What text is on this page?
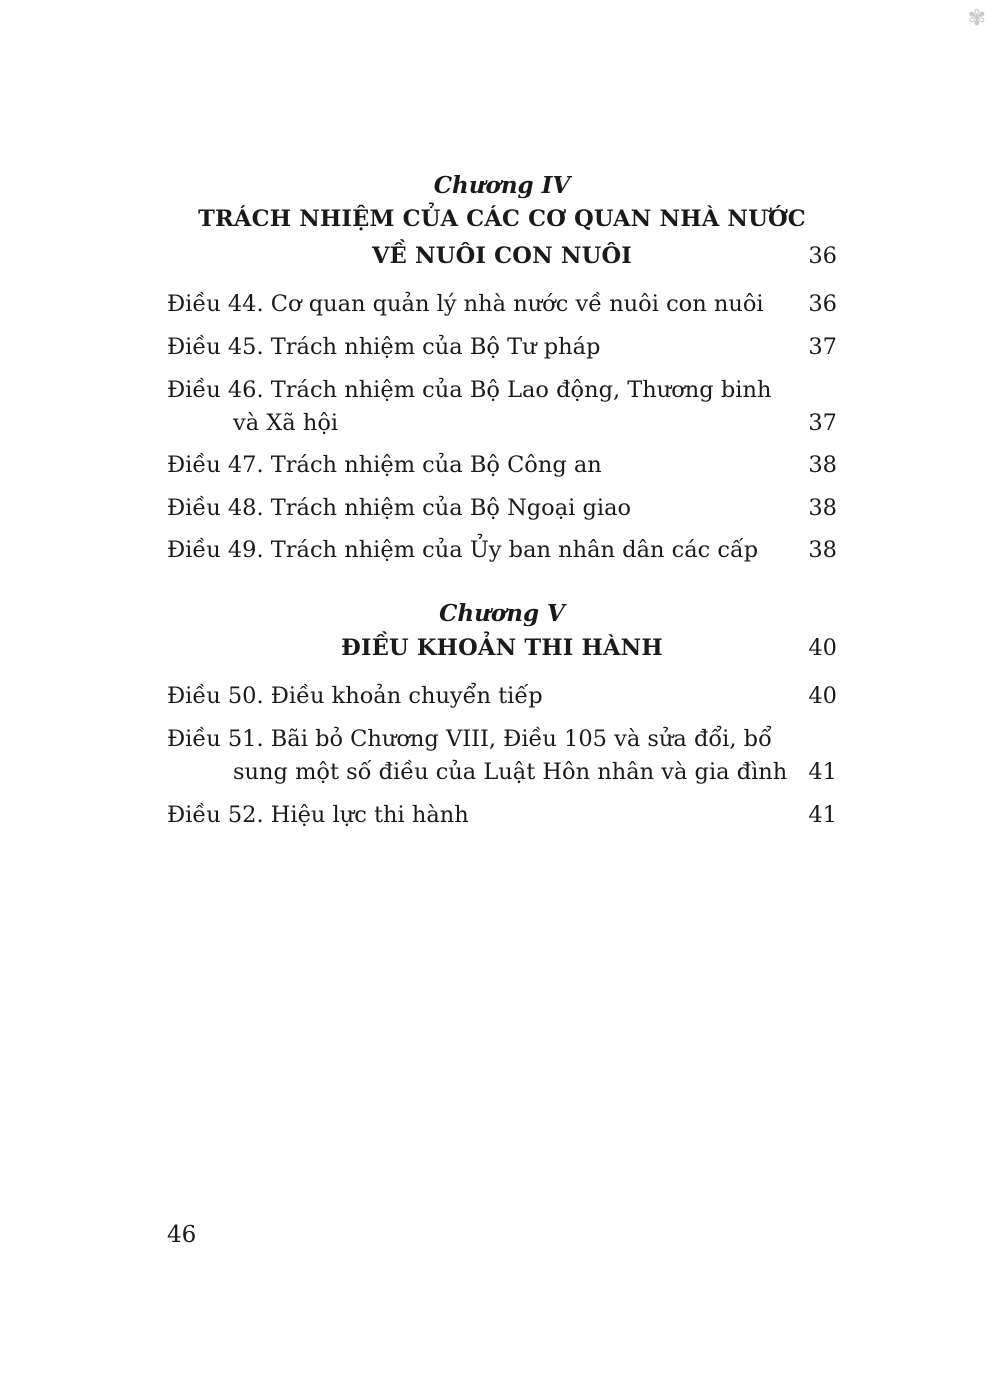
✾
Chương IV
TRÁCH NHIỆM CỦA CÁC CƠ QUAN NHÀ NƯỚC
VỀ NUÔI CON NUÔI	36
Điều 44. Cơ quan quản lý nhà nước về nuôi con nuôi 36
Điều 45. Trách nhiệm của Bộ Tư pháp	37
Điều 46. Trách nhiệm của Bộ Lao động, Thương binh
và Xã hội	37
Điều 47. Trách nhiệm của Bộ Công an	38
Điều 48. Trách nhiệm của Bộ Ngoại giao	38
Điều 49. Trách nhiệm của Ủy ban nhân dân các cấp 38
Chương V
ĐIỀU KHOẢN THI HÀNH	40
Điều 50. Điều khoản chuyển tiếp	40
Điều 51. Bãi bỏ Chương VIII, Điều 105 và sửa đổi, bổ
sung một số điều của Luật Hôn nhân và gia đình 41
Điều 52. Hiệu lực thi hành	41
46
